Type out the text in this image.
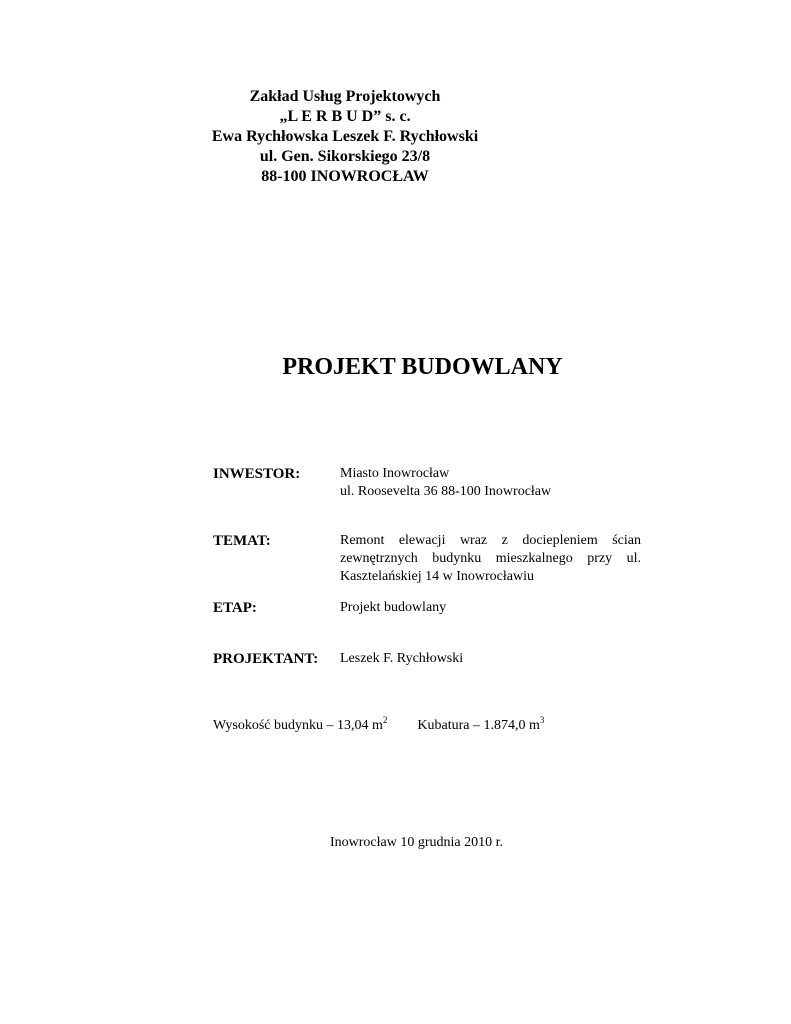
Zakład Usług Projektowych
„L E R B U D” s. c.
Ewa Rychłowska Leszek F. Rychłowski
ul. Gen. Sikorskiego 23/8
88-100 INOWROCŁAW
PROJEKT BUDOWLANY
INWESTOR:	Miasto Inowrocław
ul. Roosevelta 36 88-100 Inowrocław
TEMAT:	Remont elewacji wraz z dociepleniem ścian
zewnętrznych budynku mieszkalnego przy ul.
Kasztelańskiej 14 w Inowrocławiu
ETAP:	Projekt budowlany
PROJEKTANT: Leszek F. Rychłowski
Wysokość budynku – 13,04 $m^2$ Kubatura – 1.874,0 $m^3$
Inowrocław 10 grudnia 2010 r.
